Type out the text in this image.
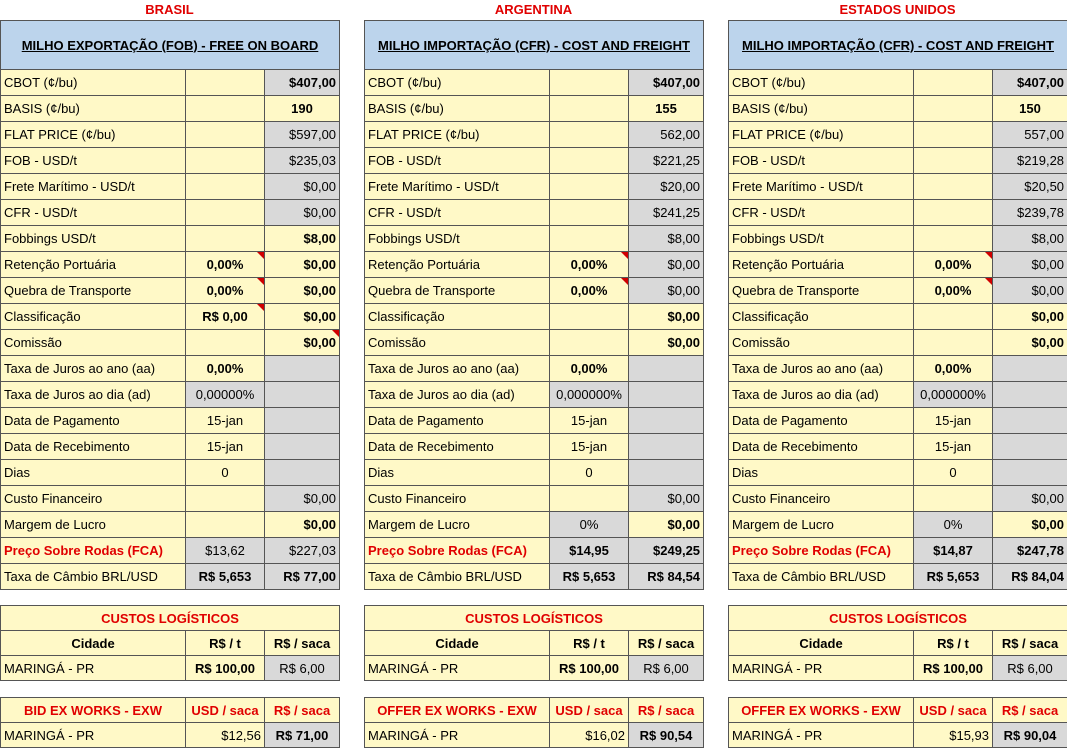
BRASIL
MILHO EXPORTAÇÃO (FOB) - FREE ON BOARD		
CBOT (¢/bu)		$407,00
BASIS (¢/bu)		190
FLAT PRICE (¢/bu)		$597,00
FOB - USD/t		$235,03
Frete Marítimo - USD/t		$0,00
CFR - USD/t		$0,00
Fobbings USD/t		$8,00
Retenção Portuária	0,00%	$0,00
Quebra de Transporte	0,00%	$0,00
Classificação	R$ 0,00	$0,00
Comissão		$0,00
Taxa de Juros ao ano (aa)	0,00%	
Taxa de Juros ao dia (ad)	0,00000%	
Data de Pagamento	15-jan	
Data de Recebimento	15-jan	
Dias	0	
Custo Financeiro		$0,00
Margem de Lucro		$0,00
Preço Sobre Rodas (FCA)	$13,62	$227,03
Taxa de Câmbio BRL/USD	R$ 5,653	R$ 77,00
CUSTOS LOGÍSTICOS		
Cidade	R$ / t	R$ / saca
MARINGÁ - PR	R$ 100,00	R$ 6,00
BID EX WORKS - EXW	USD / saca	R$ / saca
MARINGÁ - PR	$12,56	R$ 71,00
ARGENTINA
MILHO IMPORTAÇÃO (CFR) - COST AND FREIGHT		
CBOT (¢/bu)		$407,00
BASIS (¢/bu)		155
FLAT PRICE (¢/bu)		562,00
FOB - USD/t		$221,25
Frete Marítimo - USD/t		$20,00
CFR - USD/t		$241,25
Fobbings USD/t		$8,00
Retenção Portuária	0,00%	$0,00
Quebra de Transporte	0,00%	$0,00
Classificação		$0,00
Comissão		$0,00
Taxa de Juros ao ano (aa)	0,00%	
Taxa de Juros ao dia (ad)	0,000000%	
Data de Pagamento	15-jan	
Data de Recebimento	15-jan	
Dias	0	
Custo Financeiro		$0,00
Margem de Lucro	0%	$0,00
Preço Sobre Rodas (FCA)	$14,95	$249,25
Taxa de Câmbio BRL/USD	R$ 5,653	R$ 84,54
CUSTOS LOGÍSTICOS		
Cidade	R$ / t	R$ / saca
MARINGÁ - PR	R$ 100,00	R$ 6,00
OFFER EX WORKS - EXW	USD / saca	R$ / saca
MARINGÁ - PR	$16,02	R$ 90,54
ESTADOS UNIDOS
MILHO IMPORTAÇÃO (CFR) - COST AND FREIGHT		
CBOT (¢/bu)		$407,00
BASIS (¢/bu)		150
FLAT PRICE (¢/bu)		557,00
FOB - USD/t		$219,28
Frete Marítimo - USD/t		$20,50
CFR - USD/t		$239,78
Fobbings USD/t		$8,00
Retenção Portuária	0,00%	$0,00
Quebra de Transporte	0,00%	$0,00
Classificação		$0,00
Comissão		$0,00
Taxa de Juros ao ano (aa)	0,00%	
Taxa de Juros ao dia (ad)	0,000000%	
Data de Pagamento	15-jan	
Data de Recebimento	15-jan	
Dias	0	
Custo Financeiro		$0,00
Margem de Lucro	0%	$0,00
Preço Sobre Rodas (FCA)	$14,87	$247,78
Taxa de Câmbio BRL/USD	R$ 5,653	R$ 84,04
CUSTOS LOGÍSTICOS		
Cidade	R$ / t	R$ / saca
MARINGÁ - PR	R$ 100,00	R$ 6,00
OFFER EX WORKS - EXW	USD / saca	R$ / saca
MARINGÁ - PR	$15,93	R$ 90,04
